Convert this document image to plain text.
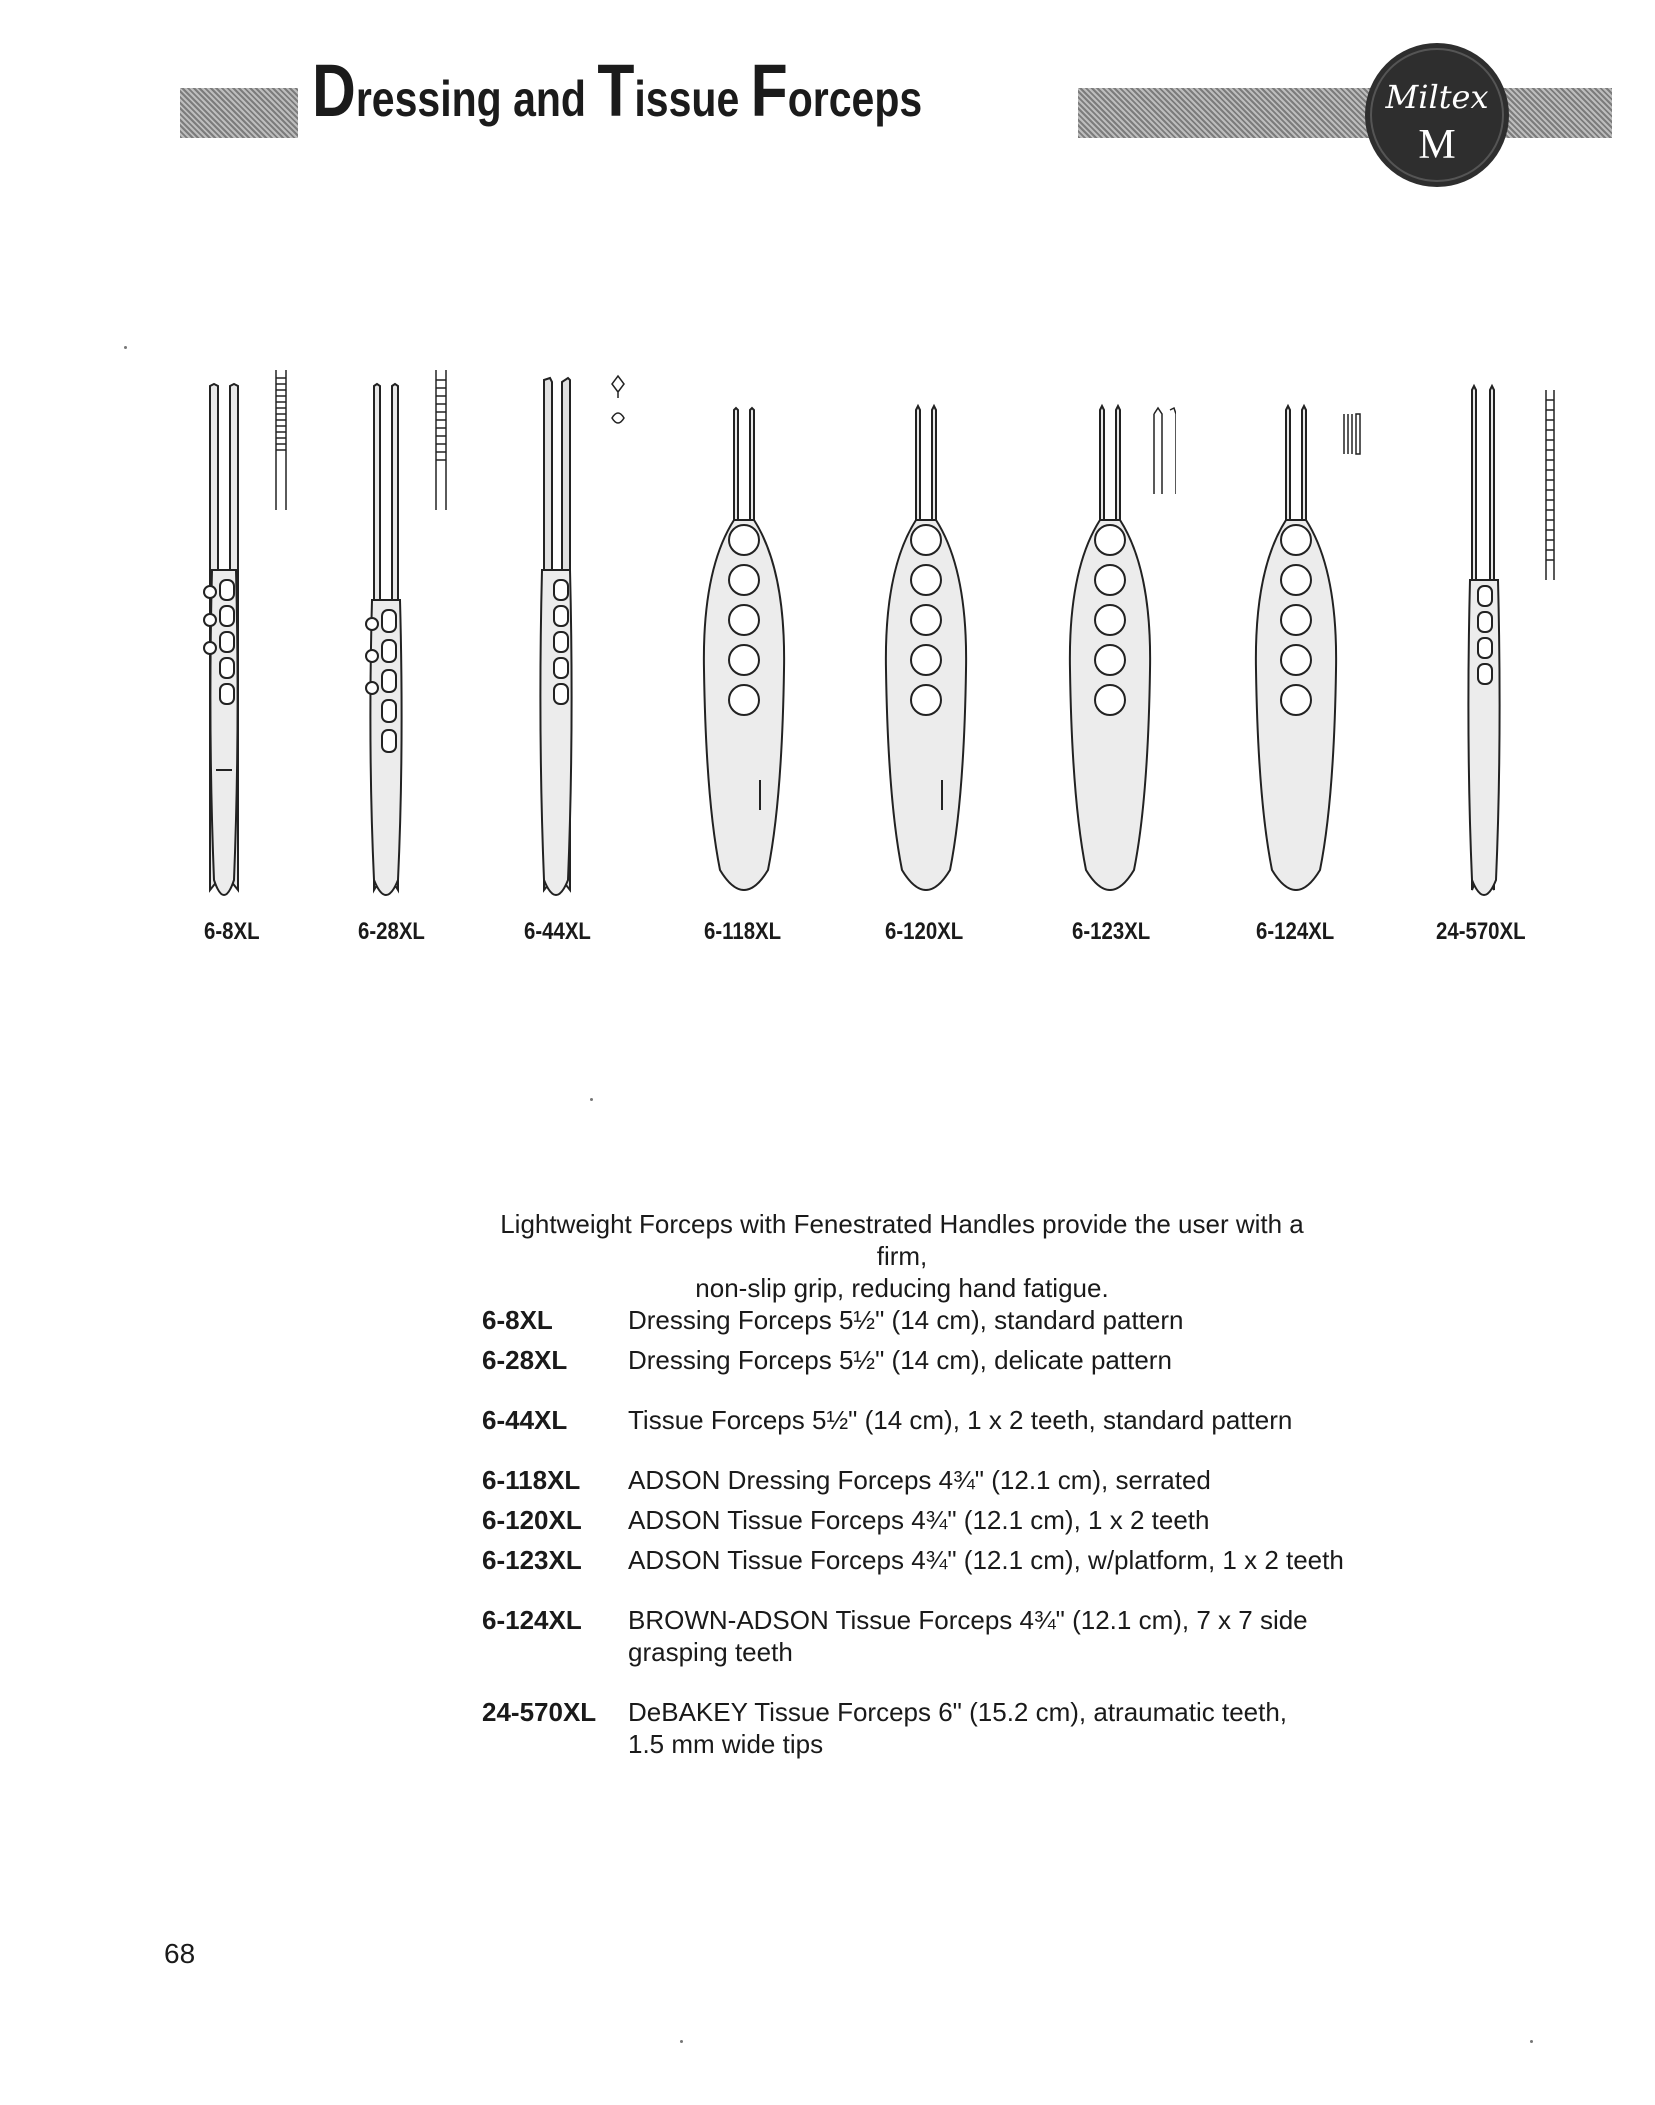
Dressing and Tissue Forceps	Miltex
M
6-8XL	6-28XL	6-44XL	6-118XL	6-120XL	6-123XL	6-124XL	24-570XL

Lightweight Forceps with Fenestrated Handles provide the user with a firm,
non-slip grip, reducing hand fatigue.

6-8XL	Dressing Forceps 5½" (14 cm), standard pattern
6-28XL	Dressing Forceps 5½" (14 cm), delicate pattern
6-44XL	Tissue Forceps 5½" (14 cm), 1 x 2 teeth, standard pattern
6-118XL	ADSON Dressing Forceps 4¾" (12.1 cm), serrated
6-120XL	ADSON Tissue Forceps 4¾" (12.1 cm), 1 x 2 teeth
6-123XL	ADSON Tissue Forceps 4¾" (12.1 cm), w/platform, 1 x 2 teeth
6-124XL	BROWN-ADSON Tissue Forceps 4¾" (12.1 cm), 7 x 7 side
grasping teeth
24-570XL	DeBAKEY Tissue Forceps 6" (15.2 cm), atraumatic teeth,
1.5 mm wide tips
68
